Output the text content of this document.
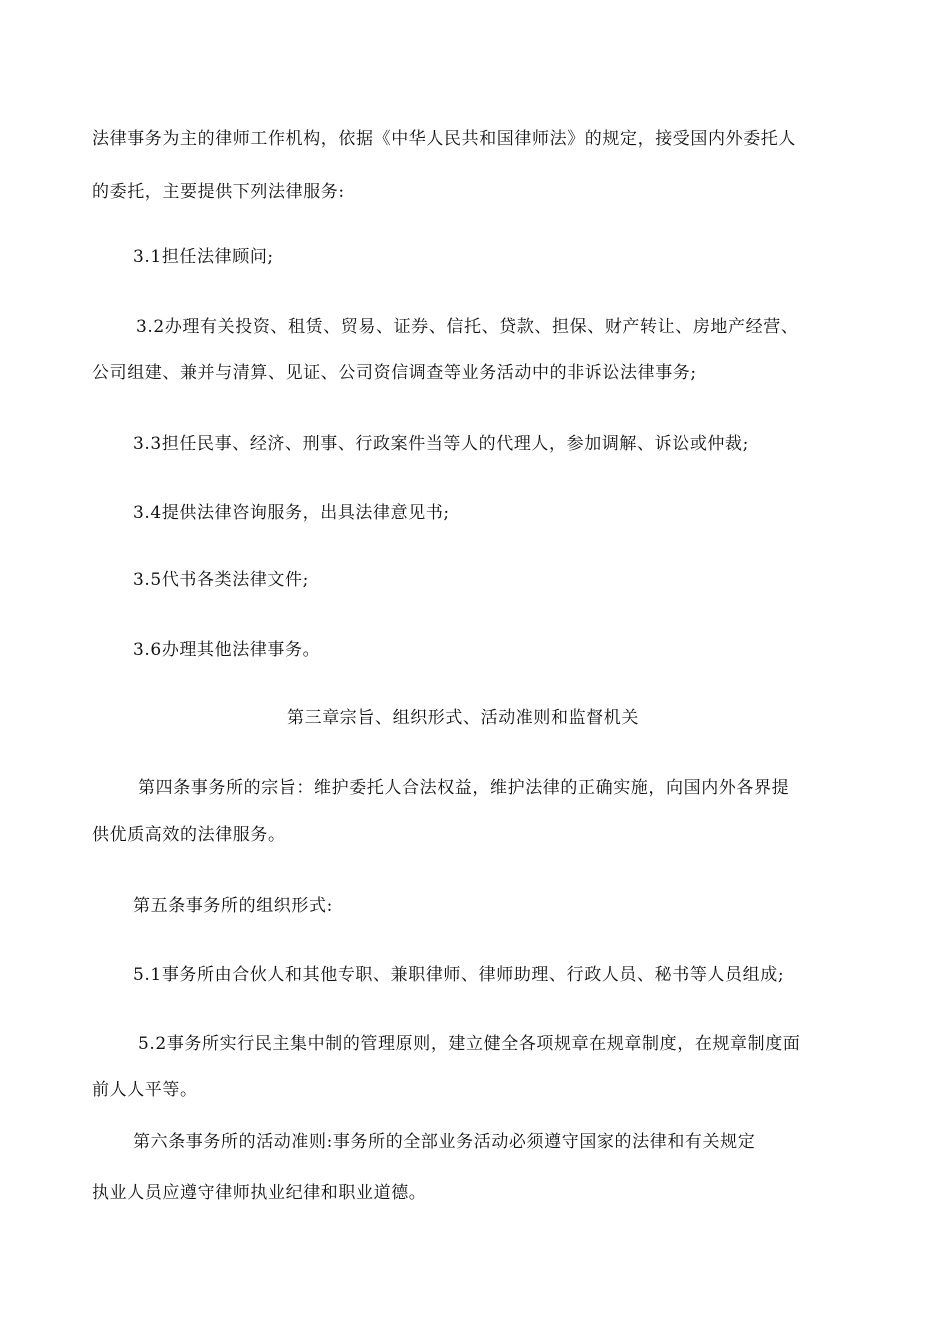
法律事务为主的律师工作机构，依据《中华人民共和国律师法》的规定，接受国内外委托人
的委托，主要提供下列法律服务:
3.1担任法律顾问;
3.2办理有关投资、租赁、贸易、证券、信托、贷款、担保、财产转让、房地产经营、
公司组建、兼并与清算、见证、公司资信调查等业务活动中的非诉讼法律事务;
3.3担任民事、经济、刑事、行政案件当等人的代理人，参加调解、诉讼或仲裁;
3.4提供法律咨询服务，出具法律意见书;
3.5代书各类法律文件;
3.6办理其他法律事务。
第三章宗旨、组织形式、活动准则和监督机关
第四条事务所的宗旨：维护委托人合法权益，维护法律的正确实施，向国内外各界提
供优质高效的法律服务。
第五条事务所的组织形式:
5.1事务所由合伙人和其他专职、兼职律师、律师助理、行政人员、秘书等人员组成;
5.2事务所实行民主集中制的管理原则，建立健全各项规章在规章制度，在规章制度面
前人人平等。
第六条事务所的活动准则:事务所的全部业务活动必须遵守国家的法律和有关规定
执业人员应遵守律师执业纪律和职业道德。
